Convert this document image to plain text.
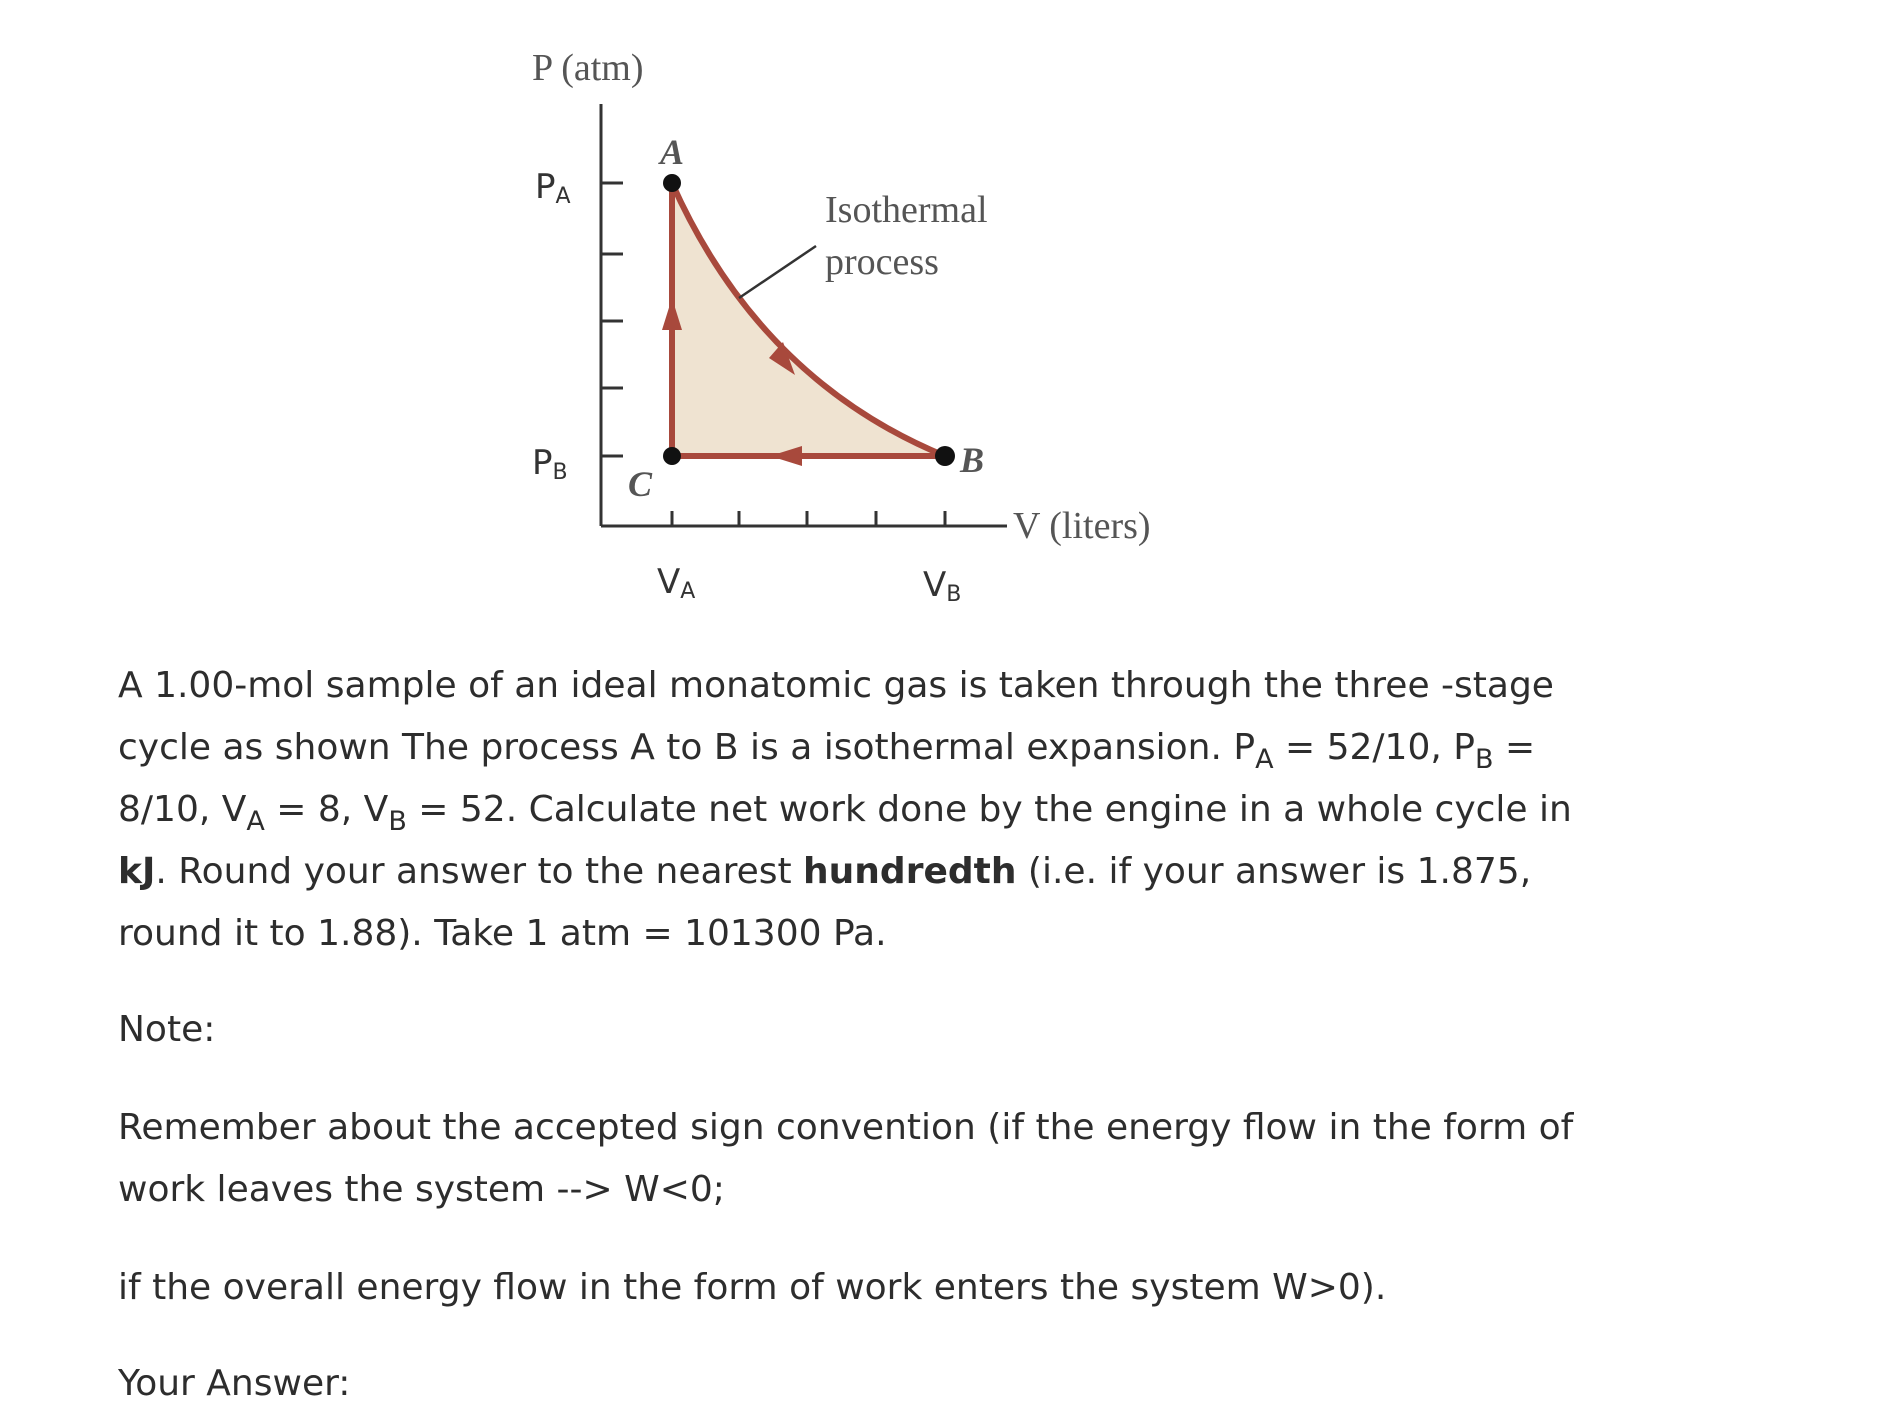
P (atm)
V (liters)
PA
PB
VA	VB
A
B
C
Isothermal
process

A 1.00-mol sample of an ideal monatomic gas is taken through the three -stage cycle as shown The process A to B is a isothermal expansion. $P_A = 52/10$, $P_B = 8/10$, $V_A = 8$, $V_B = 52$. Calculate net work done by the engine in a whole cycle in kJ. Round your answer to the nearest hundredth (i.e. if your answer is 1.875, round it to 1.88). Take 1 atm = 101300 Pa.

Note:

Remember about the accepted sign convention (if the energy flow in the form of work leaves the system --> W<0;

if the overall energy flow in the form of work enters the system W>0).

Your Answer:
